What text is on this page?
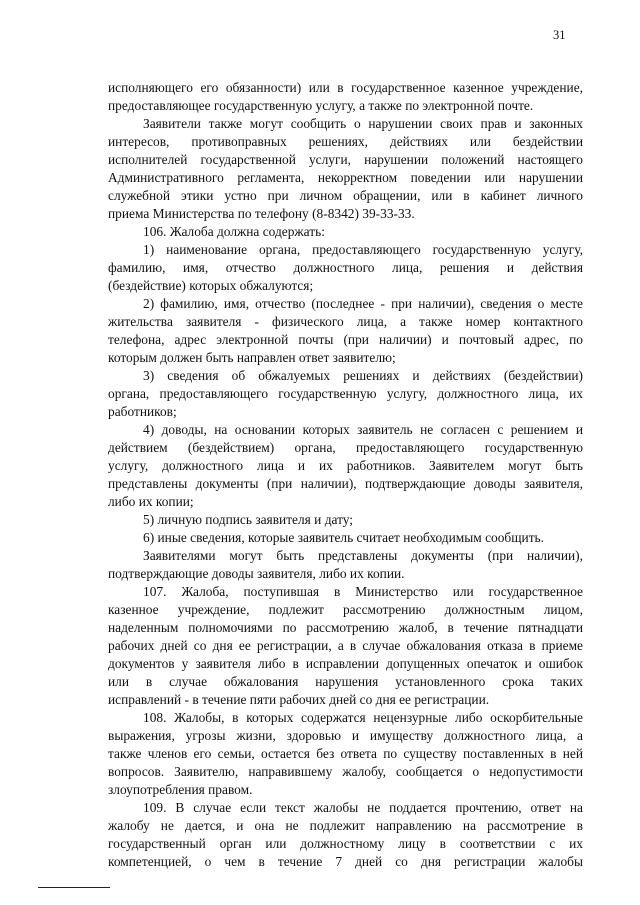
31
исполняющего его обязанности) или в государственное казенное учреждение,
предоставляющее государственную услугу, а также по электронной почте.
Заявители также могут сообщить о нарушении своих прав и законных
интересов, противоправных решениях, действиях или бездействии
исполнителей государственной услуги, нарушении положений настоящего
Административного регламента, некорректном поведении или нарушении
служебной этики устно при личном обращении, или в кабинет личного
приема Министерства по телефону (8-8342) 39-33-33.
106. Жалоба должна содержать:
1) наименование органа, предоставляющего государственную услугу,
фамилию, имя, отчество должностного лица, решения и действия
(бездействие) которых обжалуются;
2) фамилию, имя, отчество (последнее - при наличии), сведения о месте
жительства заявителя - физического лица, а также номер контактного
телефона, адрес электронной почты (при наличии) и почтовый адрес, по
которым должен быть направлен ответ заявителю;
3) сведения об обжалуемых решениях и действиях (бездействии)
органа, предоставляющего государственную услугу, должностного лица, их
работников;
4) доводы, на основании которых заявитель не согласен с решением и
действием (бездействием) органа, предоставляющего государственную
услугу, должностного лица и их работников. Заявителем могут быть
представлены документы (при наличии), подтверждающие доводы заявителя,
либо их копии;
5) личную подпись заявителя и дату;
6) иные сведения, которые заявитель считает необходимым сообщить.
Заявителями могут быть представлены документы (при наличии),
подтверждающие доводы заявителя, либо их копии.
107. Жалоба, поступившая в Министерство или государственное
казенное учреждение, подлежит рассмотрению должностным лицом,
наделенным полномочиями по рассмотрению жалоб, в течение пятнадцати
рабочих дней со дня ее регистрации, а в случае обжалования отказа в приеме
документов у заявителя либо в исправлении допущенных опечаток и ошибок
или в случае обжалования нарушения установленного срока таких
исправлений - в течение пяти рабочих дней со дня ее регистрации.
108. Жалобы, в которых содержатся нецензурные либо оскорбительные
выражения, угрозы жизни, здоровью и имуществу должностного лица, а
также членов его семьи, остается без ответа по существу поставленных в ней
вопросов. Заявителю, направившему жалобу, сообщается о недопустимости
злоупотребления правом.
109. В случае если текст жалобы не поддается прочтению, ответ на
жалобу не дается, и она не подлежит направлению на рассмотрение в
государственный орган или должностному лицу в соответствии с их
компетенцией, о чем в течение 7 дней со дня регистрации жалобы
